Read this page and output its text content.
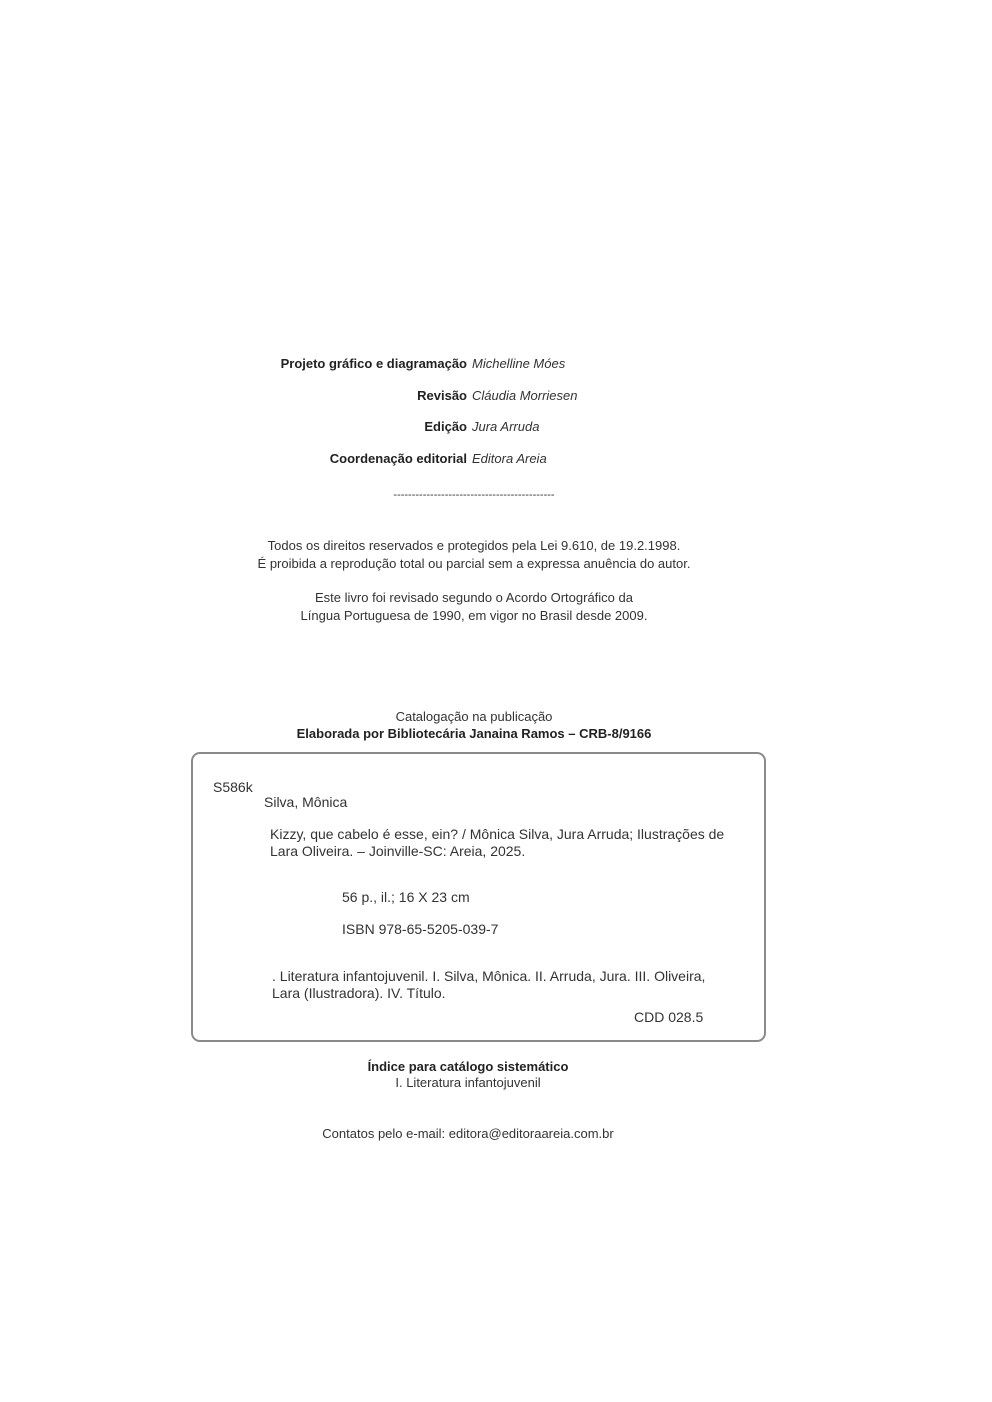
Projeto gráfico e diagramação Michelline Móes
Revisão Cláudia Morriesen
Edição Jura Arruda
Coordenação editorial Editora Areia
--------------------------------------------

Todos os direitos reservados e protegidos pela Lei 9.610, de 19.2.1998.

É proibida a reprodução total ou parcial sem a expressa anuência do autor.

Este livro foi revisado segundo o Acordo Ortográfico da

Língua Portuguesa de 1990, em vigor no Brasil desde 2009.

Catalogação na publicação

Elaborada por Bibliotecária Janaina Ramos – CRB-8/9166

S586k
Silva, Mônica

Kizzy, que cabelo é esse, ein? / Mônica Silva, Jura Arruda; Ilustrações de

Lara Oliveira. – Joinville-SC: Areia, 2025.

56 p., il.; 16 X 23 cm
ISBN 978-65-5205-039-7

. Literatura infantojuvenil. I. Silva, Mônica. II. Arruda, Jura. III. Oliveira,

Lara (Ilustradora). IV. Título.

CDD 028.5

Índice para catálogo sistemático

I. Literatura infantojuvenil

Contatos pelo e-mail: editora@editoraareia.com.br
